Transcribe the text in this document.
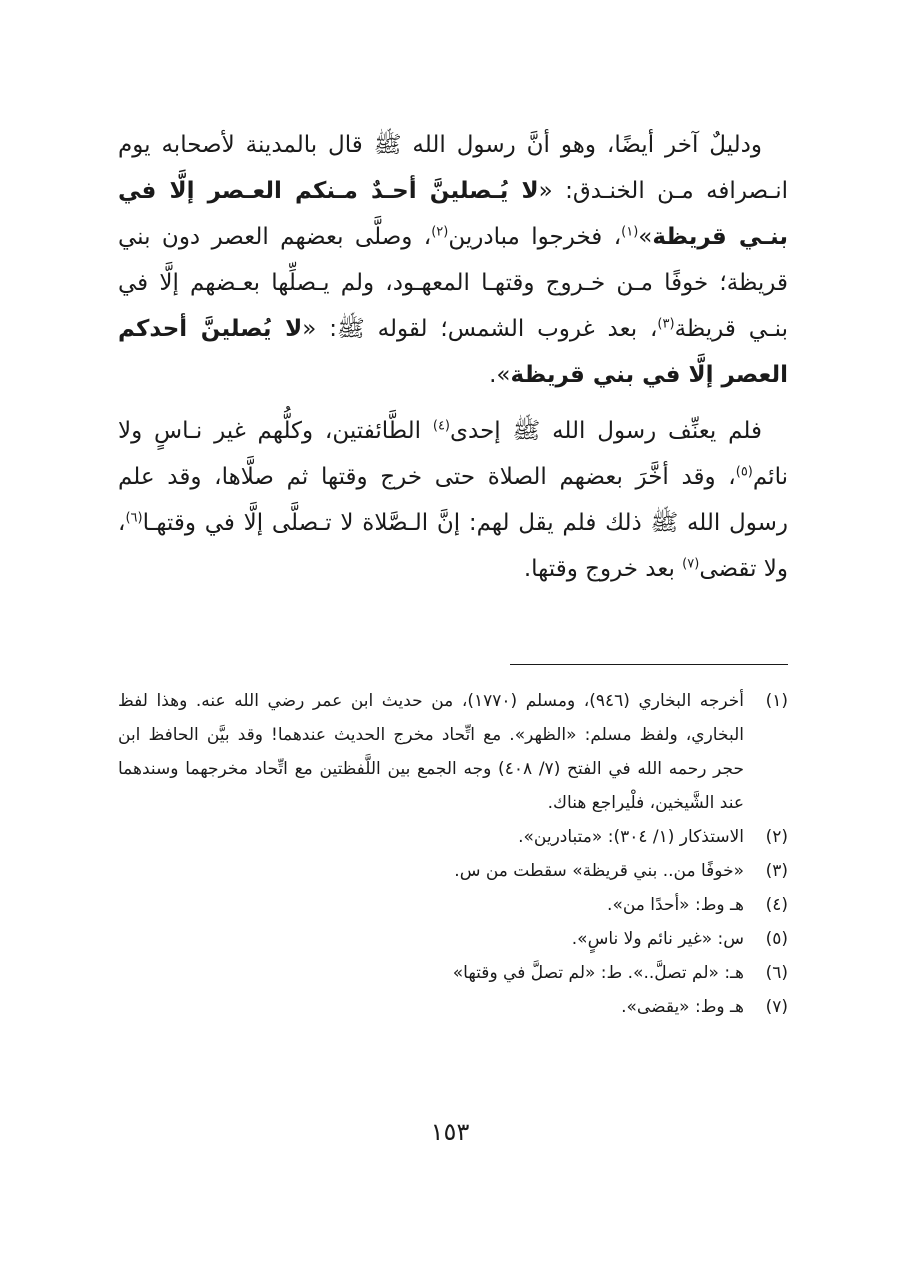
ودليلٌ آخر أيضًا، وهو أنَّ رسول الله ﷺ قال بالمدينة لأصحابه يوم انـصرافه مـن الخنـدق: «لا يُـصلينَّ أحـدٌ مـنكم العـصر إلَّا في بنـي قريظة»$^{(١)}$، فخرجوا مبادرين$^{(٢)}$، وصلَّى بعضهم العصر دون بني قريظة؛ خوفًا مـن خـروج وقتهـا المعهـود، ولم يـصلِّها بعـضهم إلَّا في بنـي قريظة$^{(٣)}$، بعد غروب الشمس؛ لقوله ﷺ: «لا يُصلينَّ أحدكم العصر إلَّا في بني قريظة».

فلم يعنِّف رسول الله ﷺ إحدى$^{(٤)}$ الطَّائفتين، وكلُّهم غير نـاسٍ ولا نائم$^{(٥)}$، وقد أخَّرَ بعضهم الصلاة حتى خرج وقتها ثم صلَّاها، وقد علم رسول الله ﷺ ذلك فلم يقل لهم: إنَّ الـصَّلاة لا تـصلَّى إلَّا في وقتهـا$^{(٦)}$، ولا تقضى$^{(٧)}$ بعد خروج وقتها.

(١)
أخرجه البخاري (٩٤٦)، ومسلم (١٧٧٠)، من حديث ابن عمر رضي الله عنه. وهذا لفظ البخاري، ولفظ مسلم: «الظهر». مع اتِّحاد مخرج الحديث عندهما! وقد بيَّن الحافظ ابن حجر رحمه الله في الفتح (٧/ ٤٠٨) وجه الجمع بين اللَّفظتين مع اتِّحاد مخرجهما وسندهما عند الشَّيخين، فلْيراجع هناك.
(٢)
الاستذكار (١/ ٣٠٤): «متبادرين».
(٣)
«خوفًا من.. بني قريظة» سقطت من س.
(٤)
هـ وط: «أحدًا من».
(٥)
س: «غير نائم ولا ناسٍ».
(٦)
هـ: «لم تصلَّ..». ط: «لم تصلَّ في وقتها»
(٧)
هـ وط: «يقضى».
١٥٣
